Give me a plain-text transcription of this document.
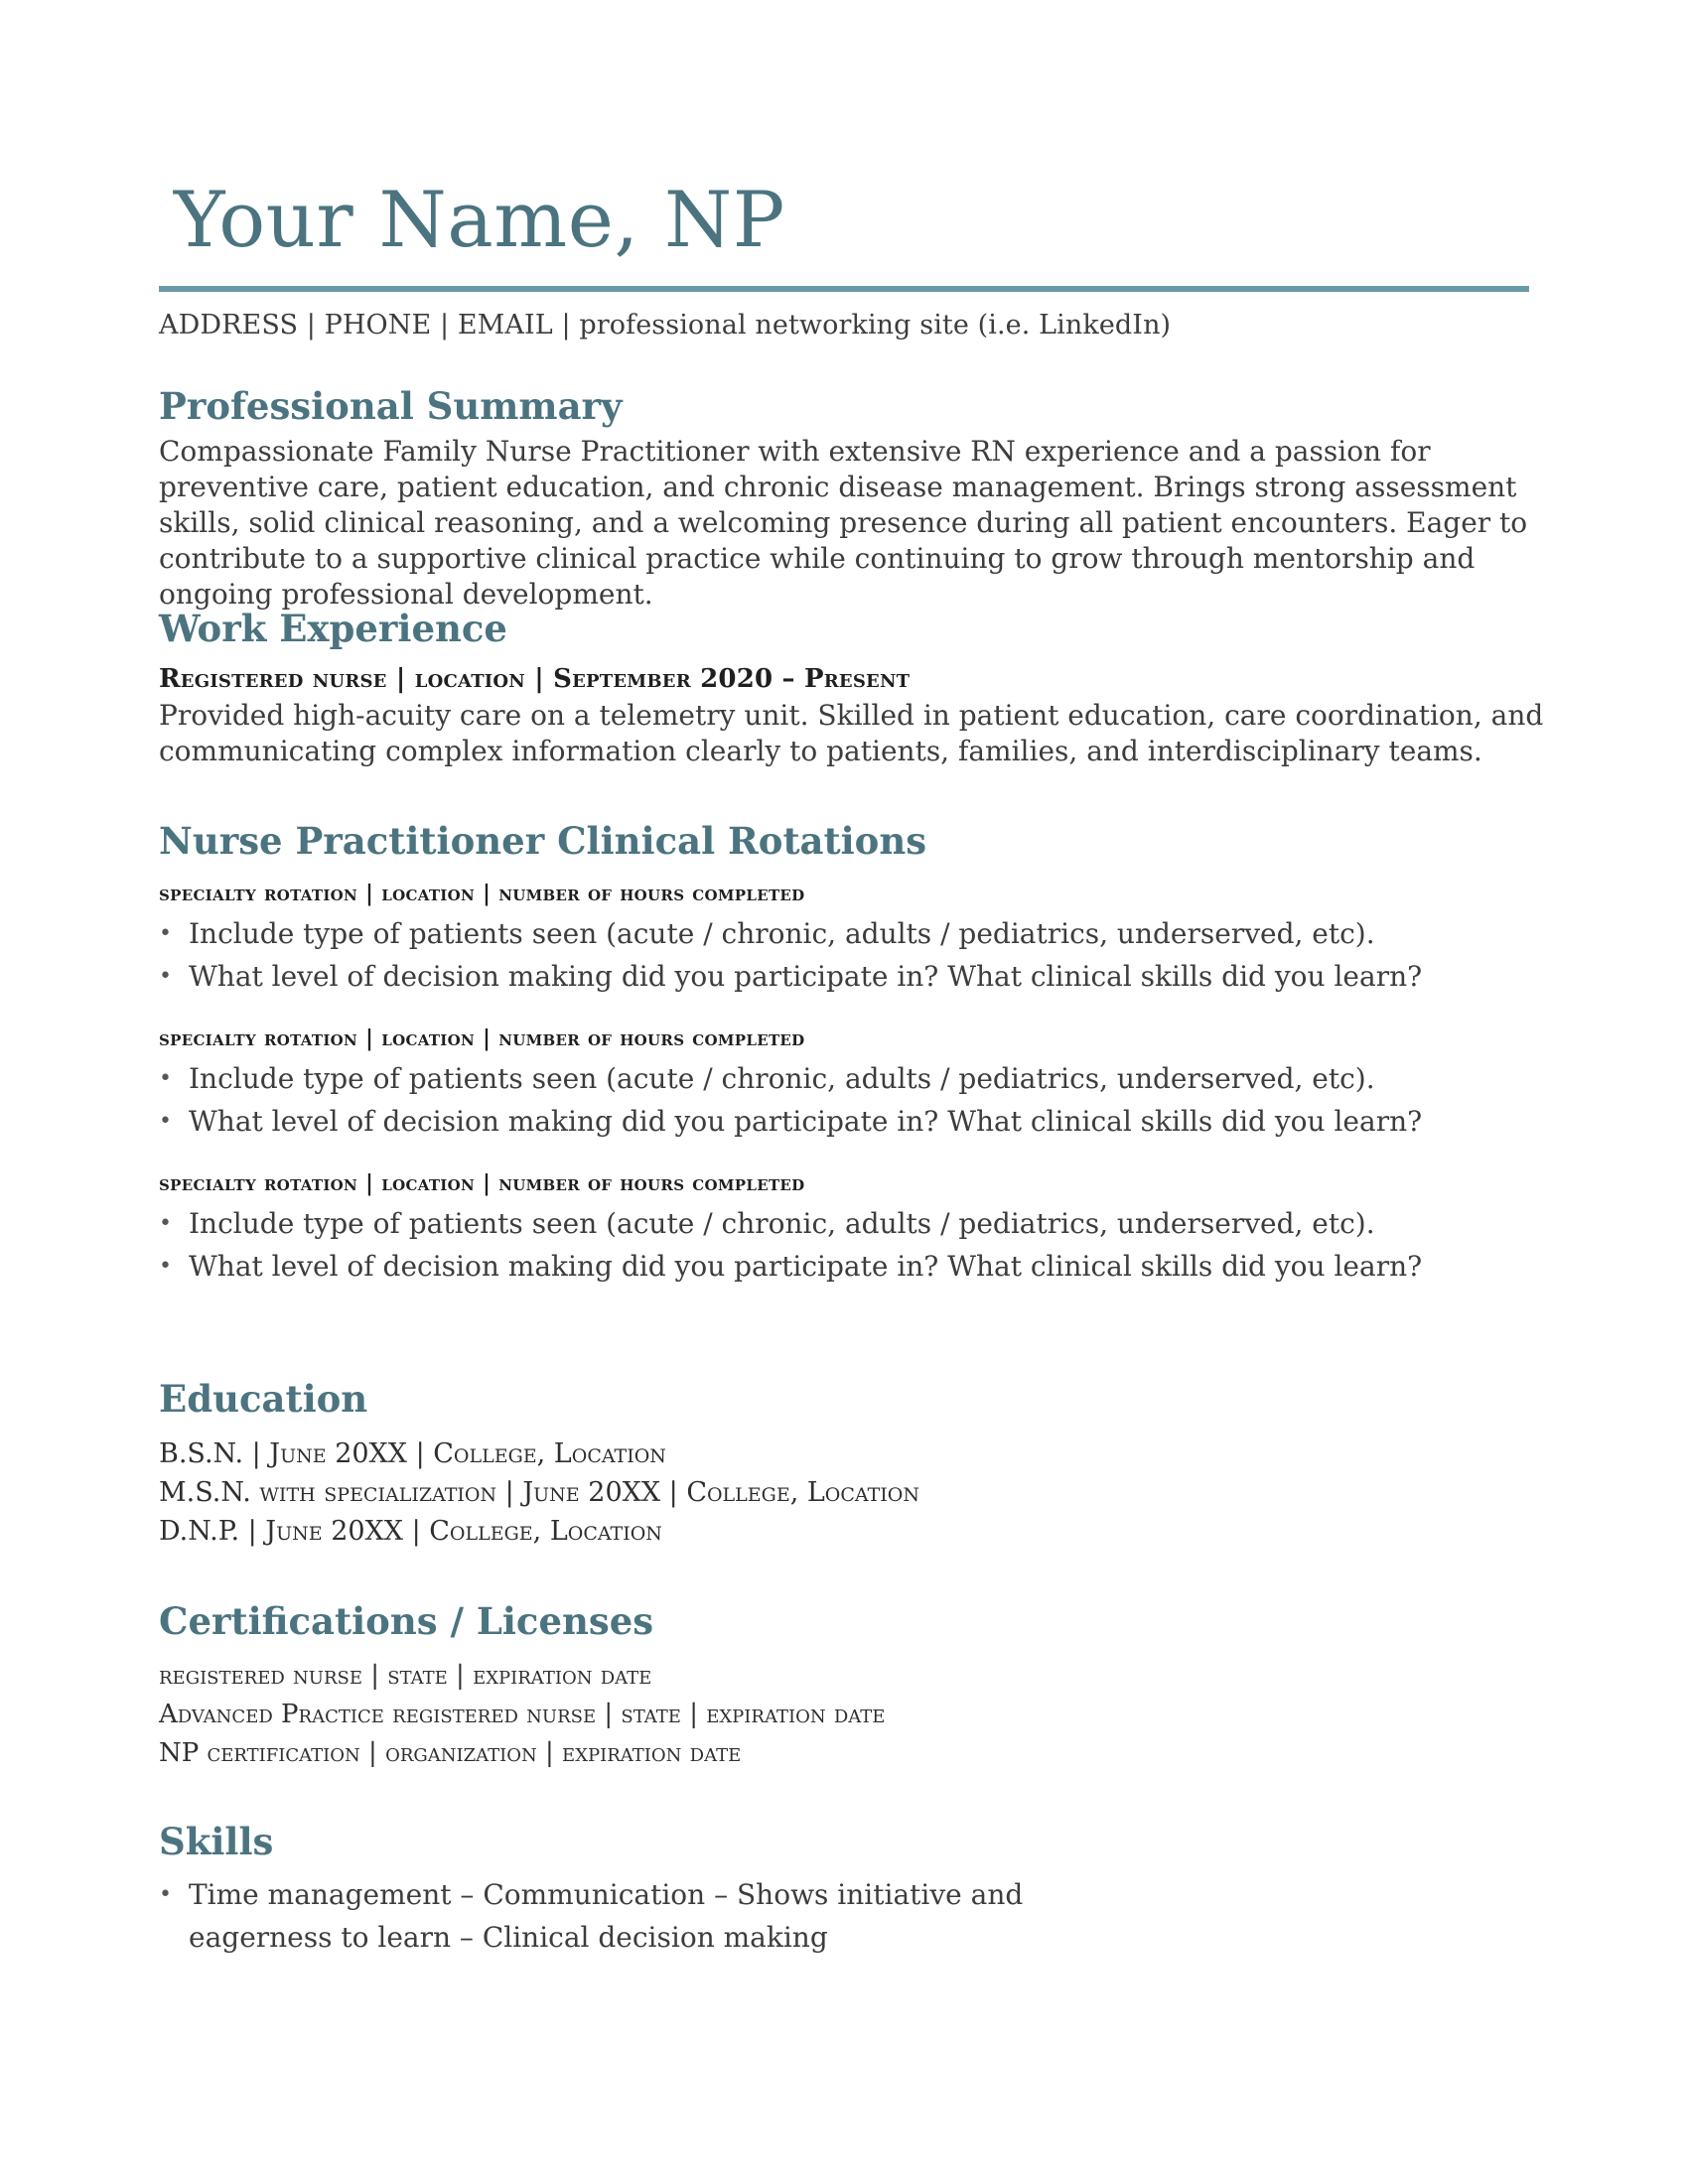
Your Name, NP
ADDRESS | PHONE | EMAIL | professional networking site (i.e. LinkedIn)
Professional Summary

Compassionate Family Nurse Practitioner with extensive RN experience and a passion for preventive care, patient education, and chronic disease management. Brings strong assessment skills, solid clinical reasoning, and a welcoming presence during all patient encounters. Eager to contribute to a supportive clinical practice while continuing to grow through mentorship and ongoing professional development.

Work Experience
Registered nurse | location | September 2020 – Present

Provided high-acuity care on a telemetry unit. Skilled in patient education, care coordination, and communicating complex information clearly to patients, families, and interdisciplinary teams.

Nurse Practitioner Clinical Rotations
specialty rotation | location | number of hours completed
• Include type of patients seen (acute / chronic, adults / pediatrics, underserved, etc).
• What level of decision making did you participate in? What clinical skills did you learn?
specialty rotation | location | number of hours completed
• Include type of patients seen (acute / chronic, adults / pediatrics, underserved, etc).
• What level of decision making did you participate in? What clinical skills did you learn?
specialty rotation | location | number of hours completed
• Include type of patients seen (acute / chronic, adults / pediatrics, underserved, etc).
• What level of decision making did you participate in? What clinical skills did you learn?
Education

B.S.N. | June 20XX | College, Location

M.S.N. with specialization | June 20XX | College, Location

D.N.P. | June 20XX | College, Location

Certifications / Licenses

registered nurse | state | expiration date

Advanced Practice registered nurse | state | expiration date

NP certification | organization | expiration date

Skills
• Time management – Communication – Shows initiative and
eagerness to learn – Clinical decision making
